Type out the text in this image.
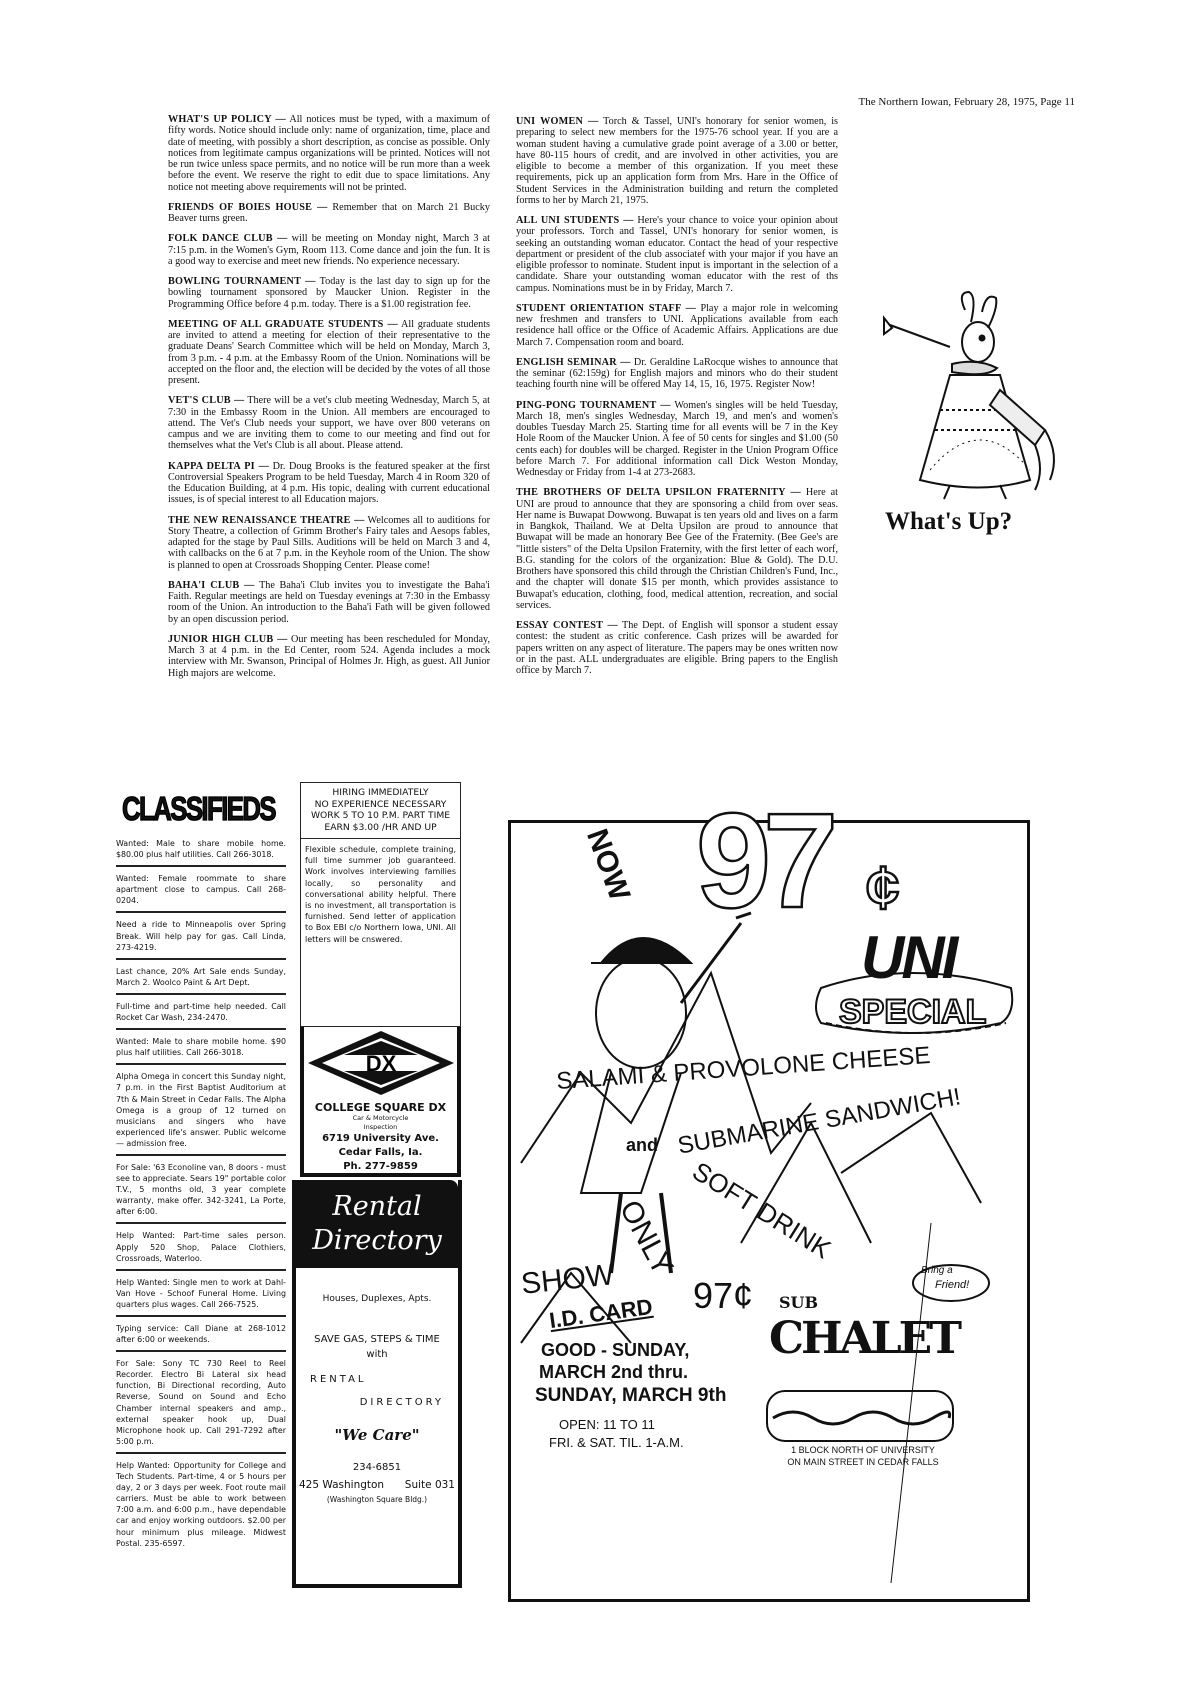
The Northern Iowan, February 28, 1975, Page 11
WHAT'S UP POLICY — All notices must be typed, with a maximum of fifty words. Notice should include only: name of organization, time, place and date of meeting, with possibly a short description, as concise as possible. Only notices from legitimate campus organizations will be printed. Notices will not be run twice unless space permits, and no notice will be run more than a week before the event. We reserve the right to edit due to space limitations. Any notice not meeting above requirements will not be printed.
FRIENDS OF BOIES HOUSE — Remember that on March 21 Bucky Beaver turns green.
FOLK DANCE CLUB — will be meeting on Monday night, March 3 at 7:15 p.m. in the Women's Gym, Room 113. Come dance and join the fun. It is a good way to exercise and meet new friends. No experience necessary.
BOWLING TOURNAMENT — Today is the last day to sign up for the bowling tournament sponsored by Maucker Union. Register in the Programming Office before 4 p.m. today. There is a $1.00 registration fee.
MEETING OF ALL GRADUATE STUDENTS — All graduate students are invited to attend a meeting for election of their representative to the graduate Deans' Search Committee which will be held on Monday, March 3, from 3 p.m. - 4 p.m. at the Embassy Room of the Union. Nominations will be accepted on the floor and, the election will be decided by the votes of all those present.
VET'S CLUB — There will be a vet's club meeting Wednesday, March 5, at 7:30 in the Embassy Room in the Union. All members are encouraged to attend. The Vet's Club needs your support, we have over 800 veterans on campus and we are inviting them to come to our meeting and find out for themselves what the Vet's Club is all about. Please attend.
KAPPA DELTA PI — Dr. Doug Brooks is the featured speaker at the first Controversial Speakers Program to be held Tuesday, March 4 in Room 320 of the Education Building, at 4 p.m. His topic, dealing with current educational issues, is of special interest to all Education majors.
THE NEW RENAISSANCE THEATRE — Welcomes all to auditions for Story Theatre, a collection of Grimm Brother's Fairy tales and Aesops fables, adapted for the stage by Paul Sills. Auditions will be held on March 3 and 4, with callbacks on the 6 at 7 p.m. in the Keyhole room of the Union. The show is planned to open at Crossroads Shopping Center. Please come!
BAHA'I CLUB — The Baha'i Club invites you to investigate the Baha'i Faith. Regular meetings are held on Tuesday evenings at 7:30 in the Embassy room of the Union. An introduction to the Baha'i Fath will be given followed by an open discussion period.
JUNIOR HIGH CLUB — Our meeting has been rescheduled for Monday, March 3 at 4 p.m. in the Ed Center, room 524. Agenda includes a mock interview with Mr. Swanson, Principal of Holmes Jr. High, as guest. All Junior High majors are welcome.
UNI WOMEN — Torch & Tassel, UNI's honorary for senior women, is preparing to select new members for the 1975-76 school year. If you are a woman student having a cumulative grade point average of a 3.00 or better, have 80-115 hours of credit, and are involved in other activities, you are eligible to become a member of this organization. If you meet these requirements, pick up an application form from Mrs. Hare in the Office of Student Services in the Administration building and return the completed forms to her by March 21, 1975.
ALL UNI STUDENTS — Here's your chance to voice your opinion about your professors. Torch and Tassel, UNI's honorary for senior women, is seeking an outstanding woman educator. Contact the head of your respective department or president of the club associatef with your major if you have an eligible professor to nominate. Student input is important in the selection of a candidate. Share your outstanding woman educator with the rest of ths campus. Nominations must be in by Friday, March 7.
STUDENT ORIENTATION STAFF — Play a major role in welcoming new freshmen and transfers to UNI. Applications available from each residence hall office or the Office of Academic Affairs. Applications are due March 7. Compensation room and board.
ENGLISH SEMINAR — Dr. Geraldine LaRocque wishes to announce that the seminar (62:159g) for English majors and minors who do their student teaching fourth nine will be offered May 14, 15, 16, 1975. Register Now!
PING-PONG TOURNAMENT — Women's singles will be held Tuesday, March 18, men's singles Wednesday, March 19, and men's and women's doubles Tuesday March 25. Starting time for all events will be 7 in the Key Hole Room of the Maucker Union. A fee of 50 cents for singles and $1.00 (50 cents each) for doubles will be charged. Register in the Union Program Office before March 7. For additional information call Dick Weston Monday, Wednesday or Friday from 1-4 at 273-2683.
THE BROTHERS OF DELTA UPSILON FRATERNITY — Here at UNI are proud to announce that they are sponsoring a child from over seas. Her name is Buwapat Dowwong. Buwapat is ten years old and lives on a farm in Bangkok, Thailand. We at Delta Upsilon are proud to announce that Buwapat will be made an honorary Bee Gee of the Fraternity. (Bee Gee's are "little sisters" of the Delta Upsilon Fraternity, with the first letter of each worf, B.G. standing for the colors of the organization: Blue & Gold). The D.U. Brothers have sponsored this child through the Christian Children's Fund, Inc., and the chapter will donate $15 per month, which provides assistance to Buwapat's education, clothing, food, medical attention, recreation, and social services.
ESSAY CONTEST — The Dept. of English will sponsor a student essay contest: the student as critic conference. Cash prizes will be awarded for papers written on any aspect of literature. The papers may be ones written now or in the past. ALL undergraduates are eligible. Bring papers to the English office by March 7.
What's Up?
CLASSIFIEDS
Wanted: Male to share mobile home. $80.00 plus half utilities. Call 266-3018.
Wanted: Female roommate to share apartment close to campus. Call 268-0204.
Need a ride to Minneapolis over Spring Break. Will help pay for gas. Call Linda, 273-4219.
Last chance, 20% Art Sale ends Sunday, March 2. Woolco Paint & Art Dept.
Full-time and part-time help needed. Call Rocket Car Wash, 234-2470.
Wanted: Male to share mobile home. $90 plus half utilities. Call 266-3018.
Alpha Omega in concert this Sunday night, 7 p.m. in the First Baptist Auditorium at 7th & Main Street in Cedar Falls. The Alpha Omega is a group of 12 turned on musicians and singers who have experienced life's answer. Public welcome — admission free.
For Sale: '63 Econoline van, 8 doors - must see to appreciate. Sears 19" portable color T.V., 5 months old, 3 year complete warranty, make offer. 342-3241, La Porte, after 6:00.
Help Wanted: Part-time sales person. Apply 520 Shop, Palace Clothiers, Crossroads, Waterloo.
Help Wanted: Single men to work at Dahl-Van Hove - Schoof Funeral Home. Living quarters plus wages. Call 266-7525.
Typing service: Call Diane at 268-1012 after 6:00 or weekends.
For Sale: Sony TC 730 Reel to Reel Recorder. Electro Bi Lateral six head function, Bi Directional recording, Auto Reverse, Sound on Sound and Echo Chamber internal speakers and amp., external speaker hook up, Dual Microphone hook up. Call 291-7292 after 5:00 p.m.
Help Wanted: Opportunity for College and Tech Students. Part-time, 4 or 5 hours per day, 2 or 3 days per week. Foot route mail carriers. Must be able to work between 7:00 a.m. and 6:00 p.m., have dependable car and enjoy working outdoors. $2.00 per hour minimum plus mileage. Midwest Postal. 235-6597.
HIRING IMMEDIATELY
NO EXPERIENCE NECESSARY
WORK 5 TO 10 P.M. PART TIME
EARN $3.00 /HR AND UP
Flexible schedule, complete training, full time summer job guaranteed. Work involves interviewing families locally, so personality and conversational ability helpful. There is no investment, all transportation is furnished. Send letter of application to Box EBI c/o Northern Iowa, UNI. All letters will be cnswered.
DX
COLLEGE SQUARE DX
Car & Motorcycle
Inspection
6719 University Ave.
Cedar Falls, Ia.
Ph. 277-9859
Rental
Directory
Houses, Duplexes, Apts.
SAVE GAS, STEPS & TIME
with
RENTAL
DIRECTORY
"We Care"
234-6851
425 Washington Suite 031
(Washington Square Bldg.)
NOW 97 ¢
UNI
SPECIAL
SALAMI & PROVOLONE CHEESE
SUBMARINE SANDWICH!
and
SOFT DRINK
ONLY
97¢
Bring a
Friend!
SHOW
I.D. CARD
GOOD - SUNDAY,
MARCH 2nd thru.
SUNDAY, MARCH 9th
OPEN: 11 TO 11
FRI. & SAT. TIL. 1-A.M.
SUB
CHALET
1 BLOCK NORTH OF UNIVERSITY
ON MAIN STREET IN CEDAR FALLS
